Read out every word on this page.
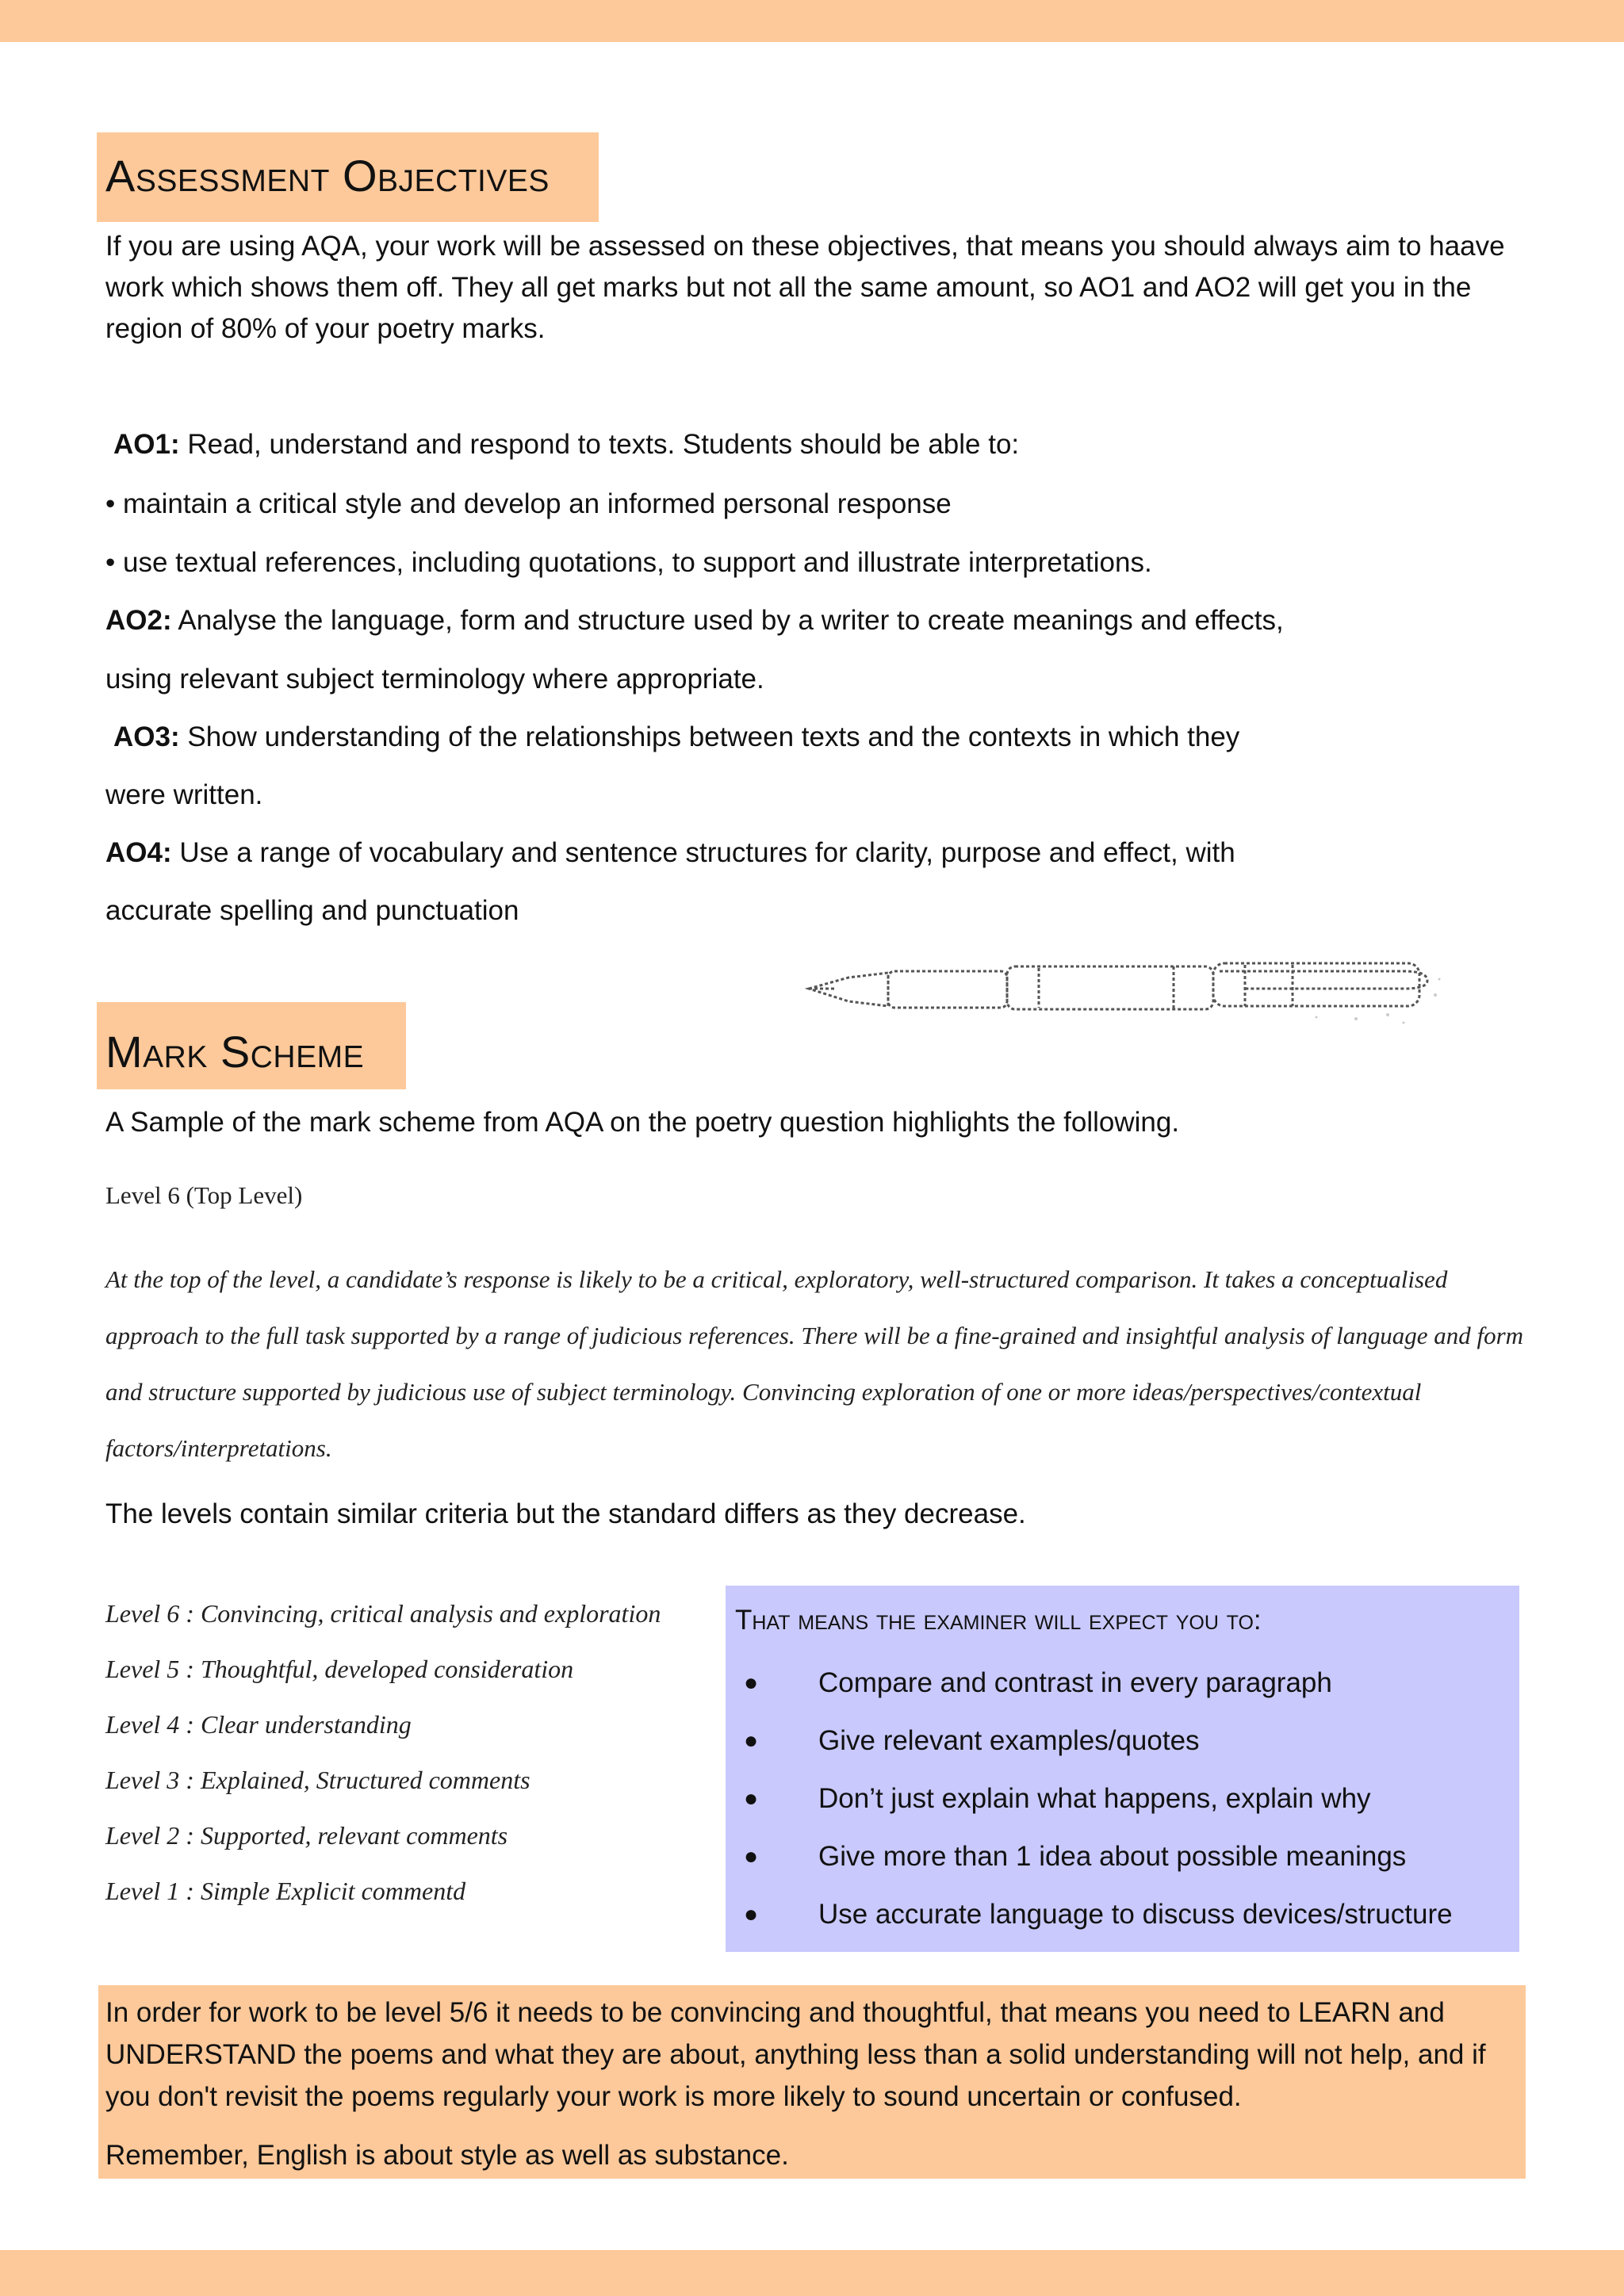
Assessment Objectives

If you are using AQA, your work will be assessed on these objectives, that means you should always aim to haave work which shows them off. They all get marks but not all the same amount, so AO1 and AO2 will get you in the region of 80% of your poetry marks.

AO1: Read, understand and respond to texts. Students should be able to:
• maintain a critical style and develop an informed personal response
• use textual references, including quotations, to support and illustrate interpretations.
AO2: Analyse the language, form and structure used by a writer to create meanings and effects,
using relevant subject terminology where appropriate.
AO3: Show understanding of the relationships between texts and the contexts in which they
were written.
AO4: Use a range of vocabulary and sentence structures for clarity, purpose and effect, with
accurate spelling and punctuation
Mark Scheme
A Sample of the mark scheme from AQA on the poetry question highlights the following.
Level 6 (Top Level)

At the top of the level, a candidate’s response is likely to be a critical, exploratory, well-structured comparison. It takes a conceptualised approach to the full task supported by a range of judicious references. There will be a fine-grained and insightful analysis of language and form and structure supported by judicious use of subject terminology. Convincing exploration of one or more ideas/perspectives/contextual factors/interpretations.

The levels contain similar criteria but the standard differs as they decrease.
Level 6 : Convincing, critical analysis and exploration
Level 5 : Thoughtful, developed consideration
Level 4 : Clear understanding
Level 3 : Explained, Structured comments
Level 2 : Supported, relevant comments
Level 1 : Simple Explicit commentd
That means the examiner will expect you to:
● Compare and contrast in every paragraph
● Give relevant examples/quotes
● Don’t just explain what happens, explain why
● Give more than 1 idea about possible meanings
● Use accurate language to discuss devices/structure

In order for work to be level 5/6 it needs to be convincing and thoughtful, that means you need to LEARN and UNDERSTAND the poems and what they are about, anything less than a solid understanding will not help, and if you don't revisit the poems regularly your work is more likely to sound uncertain or confused.

Remember, English is about style as well as substance.
